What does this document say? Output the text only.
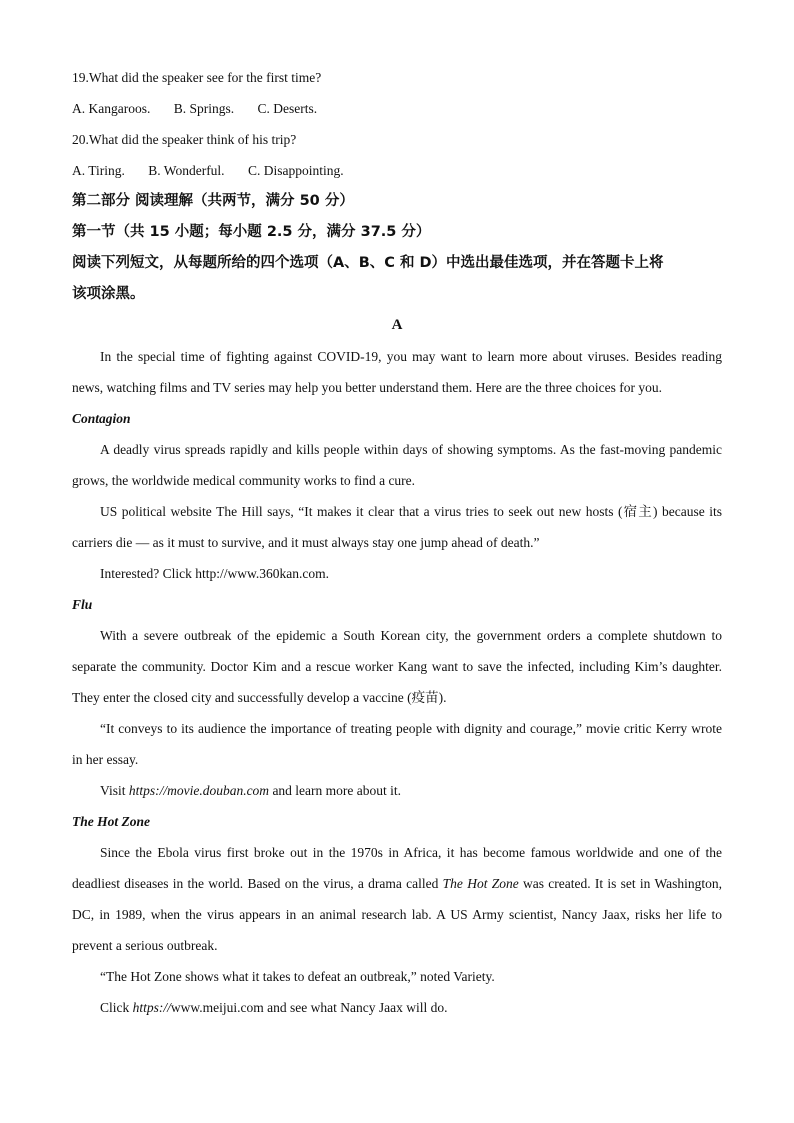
19.What did the speaker see for the first time?

A. Kangaroos. B. Springs. C. Deserts.

20.What did the speaker think of his trip?

A. Tiring. B. Wonderful. C. Disappointing.

第二部分 阅读理解（共两节，满分 50 分）

第一节（共 15 小题；每小题 2.5 分，满分 37.5 分）

阅读下列短文，从每题所给的四个选项（A、B、C 和 D）中选出最佳选项，并在答题卡上将

该项涂黑。

A

In the special time of fighting against COVID-19, you may want to learn more about viruses. Besides reading news, watching films and TV series may help you better understand them. Here are the three choices for you.

Contagion

A deadly virus spreads rapidly and kills people within days of showing symptoms. As the fast-moving pandemic grows, the worldwide medical community works to find a cure.

US political website The Hill says, “It makes it clear that a virus tries to seek out new hosts (宿主) because its carriers die — as it must to survive, and it must always stay one jump ahead of death.”

Interested? Click http://www.360kan.com.

Flu

With a severe outbreak of the epidemic a South Korean city, the government orders a complete shutdown to separate the community. Doctor Kim and a rescue worker Kang want to save the infected, including Kim’s daughter. They enter the closed city and successfully develop a vaccine (疫苗).

“It conveys to its audience the importance of treating people with dignity and courage,” movie critic Kerry wrote in her essay.

Visit https://movie.douban.com and learn more about it.

The Hot Zone

Since the Ebola virus first broke out in the 1970s in Africa, it has become famous worldwide and one of the deadliest diseases in the world. Based on the virus, a drama called The Hot Zone was created. It is set in Washington, DC, in 1989, when the virus appears in an animal research lab. A US Army scientist, Nancy Jaax, risks her life to prevent a serious outbreak.

“The Hot Zone shows what it takes to defeat an outbreak,” noted Variety.

Click https://www.meijui.com and see what Nancy Jaax will do.
